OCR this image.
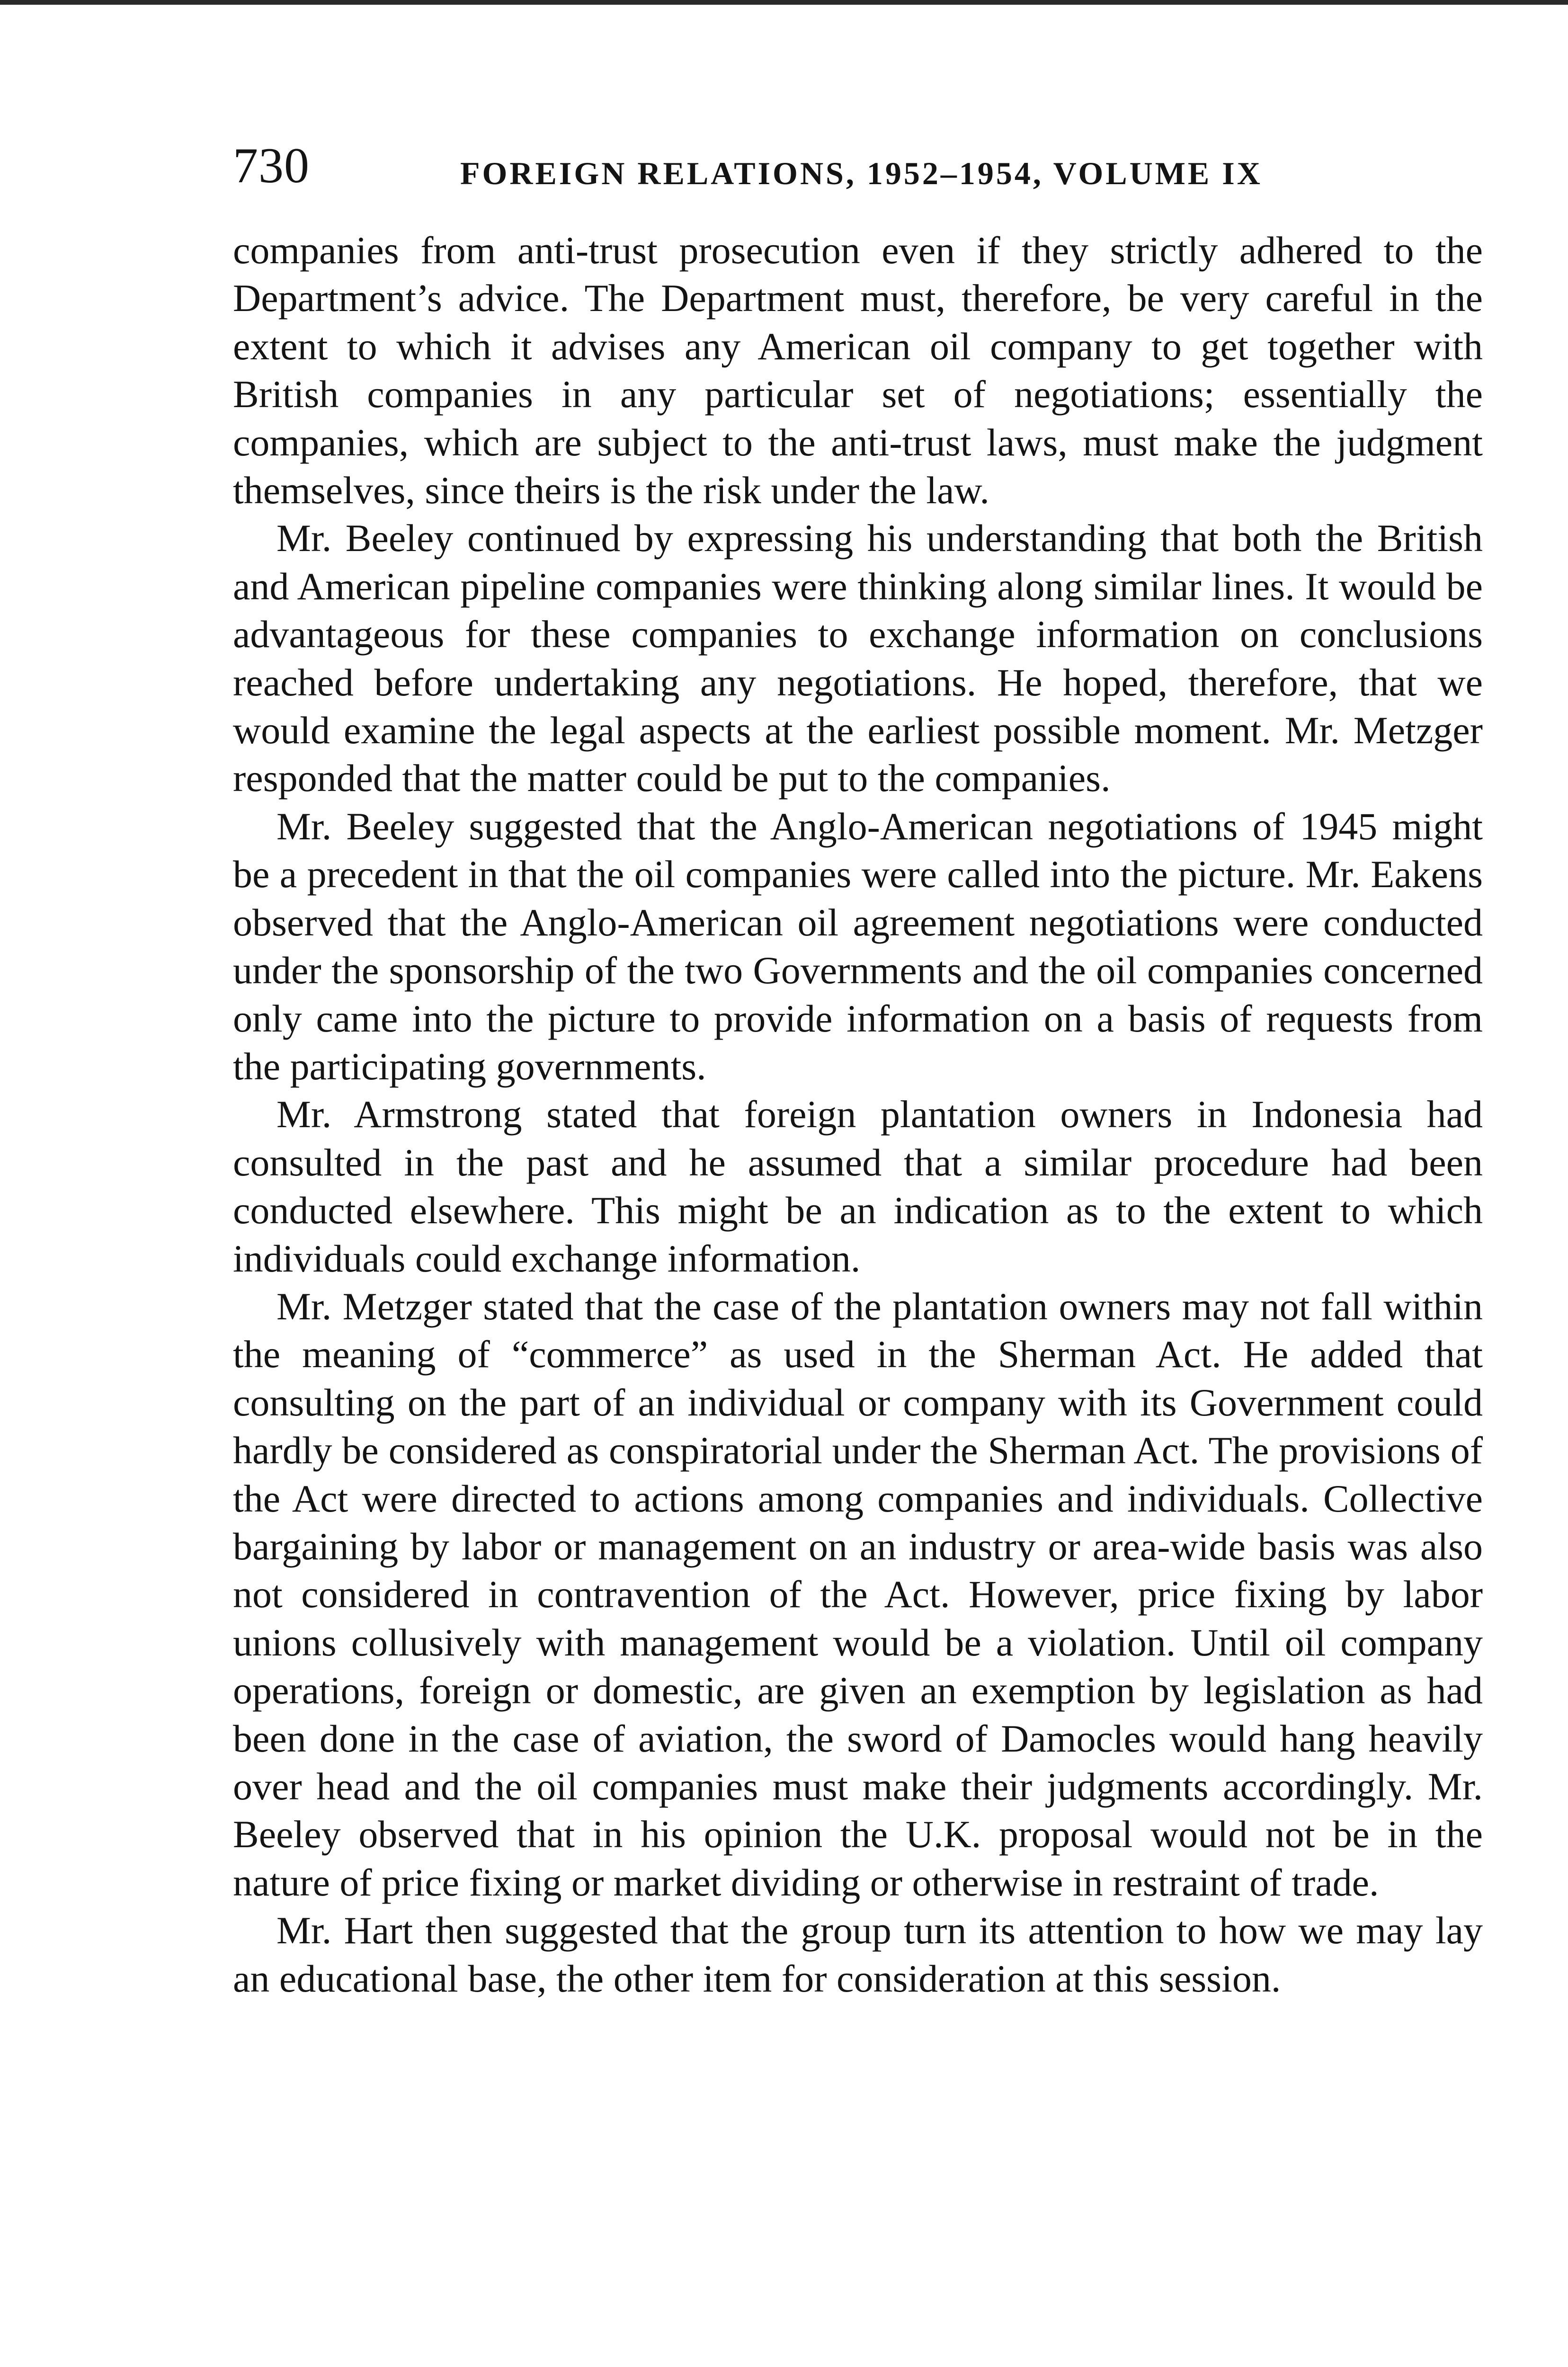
730	FOREIGN RELATIONS, 1952–1954, VOLUME IX

companies from anti-trust prosecution even if they strictly adhered to the Department’s advice. The Department must, therefore, be very careful in the extent to which it advises any American oil company to get together with British companies in any particular set of negotiations; essentially the companies, which are subject to the anti-trust laws, must make the judgment themselves, since theirs is the risk under the law.

Mr. Beeley continued by expressing his understanding that both the British and American pipeline companies were thinking along similar lines. It would be advantageous for these companies to exchange information on conclusions reached before undertaking any negotiations. He hoped, therefore, that we would examine the legal aspects at the earliest possible moment. Mr. Metzger responded that the matter could be put to the companies.

Mr. Beeley suggested that the Anglo-American negotiations of 1945 might be a precedent in that the oil companies were called into the picture. Mr. Eakens observed that the Anglo-American oil agreement negotiations were conducted under the sponsorship of the two Governments and the oil companies concerned only came into the picture to provide information on a basis of requests from the participating governments.

Mr. Armstrong stated that foreign plantation owners in Indonesia had consulted in the past and he assumed that a similar procedure had been conducted elsewhere. This might be an indication as to the extent to which individuals could exchange information.

Mr. Metzger stated that the case of the plantation owners may not fall within the meaning of “commerce” as used in the Sherman Act. He added that consulting on the part of an individual or company with its Government could hardly be considered as conspiratorial under the Sherman Act. The provisions of the Act were directed to actions among companies and individuals. Collective bargaining by labor or management on an industry or area-wide basis was also not considered in contravention of the Act. However, price fixing by labor unions collusively with management would be a violation. Until oil company operations, foreign or domestic, are given an exemption by legislation as had been done in the case of aviation, the sword of Damocles would hang heavily over head and the oil companies must make their judgments accordingly. Mr. Beeley observed that in his opinion the U.K. proposal would not be in the nature of price fixing or market dividing or otherwise in restraint of trade.

Mr. Hart then suggested that the group turn its attention to how we may lay an educational base, the other item for consideration at this session.
